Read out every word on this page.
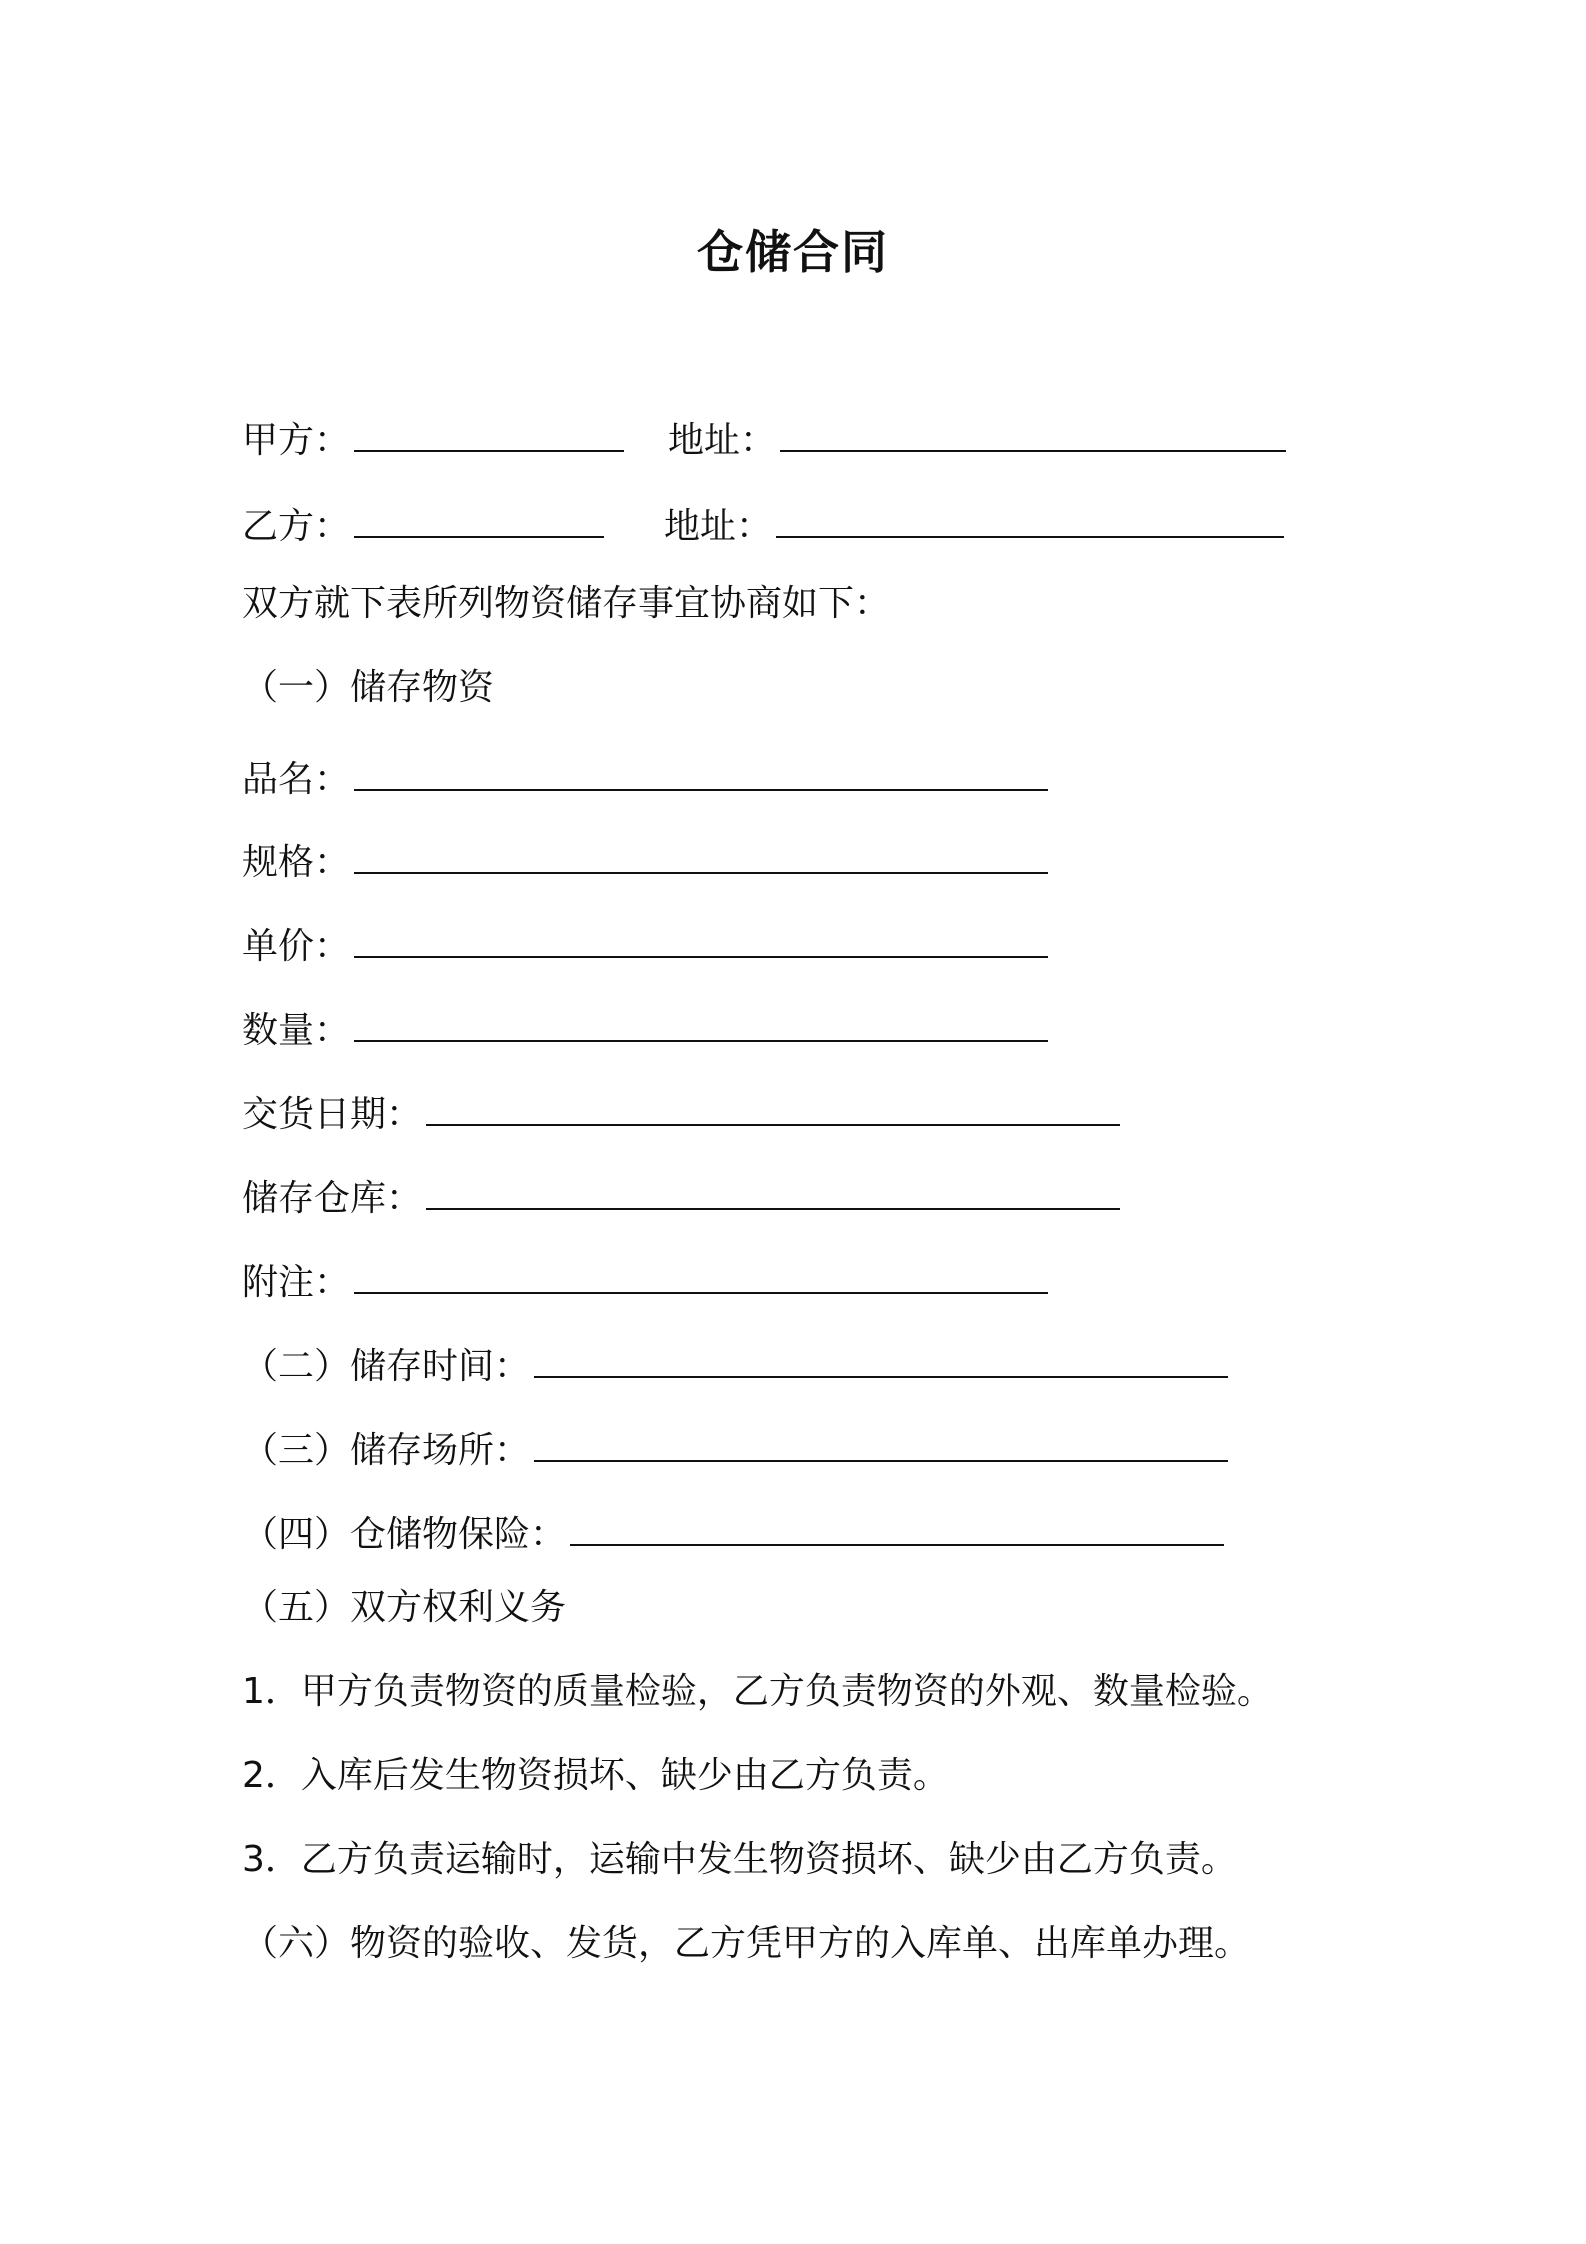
仓储合同
甲方：	地址：
乙方：	地址：
双方就下表所列物资储存事宜协商如下：
（一）储存物资
品名：
规格：
单价：
数量：
交货日期：
储存仓库：
附注：
（二）储存时间：
（三）储存场所：
（四）仓储物保险：
（五）双方权利义务
1．甲方负责物资的质量检验，乙方负责物资的外观、数量检验。
2．入库后发生物资损坏、缺少由乙方负责。
3．乙方负责运输时，运输中发生物资损坏、缺少由乙方负责。
（六）物资的验收、发货，乙方凭甲方的入库单、出库单办理。
